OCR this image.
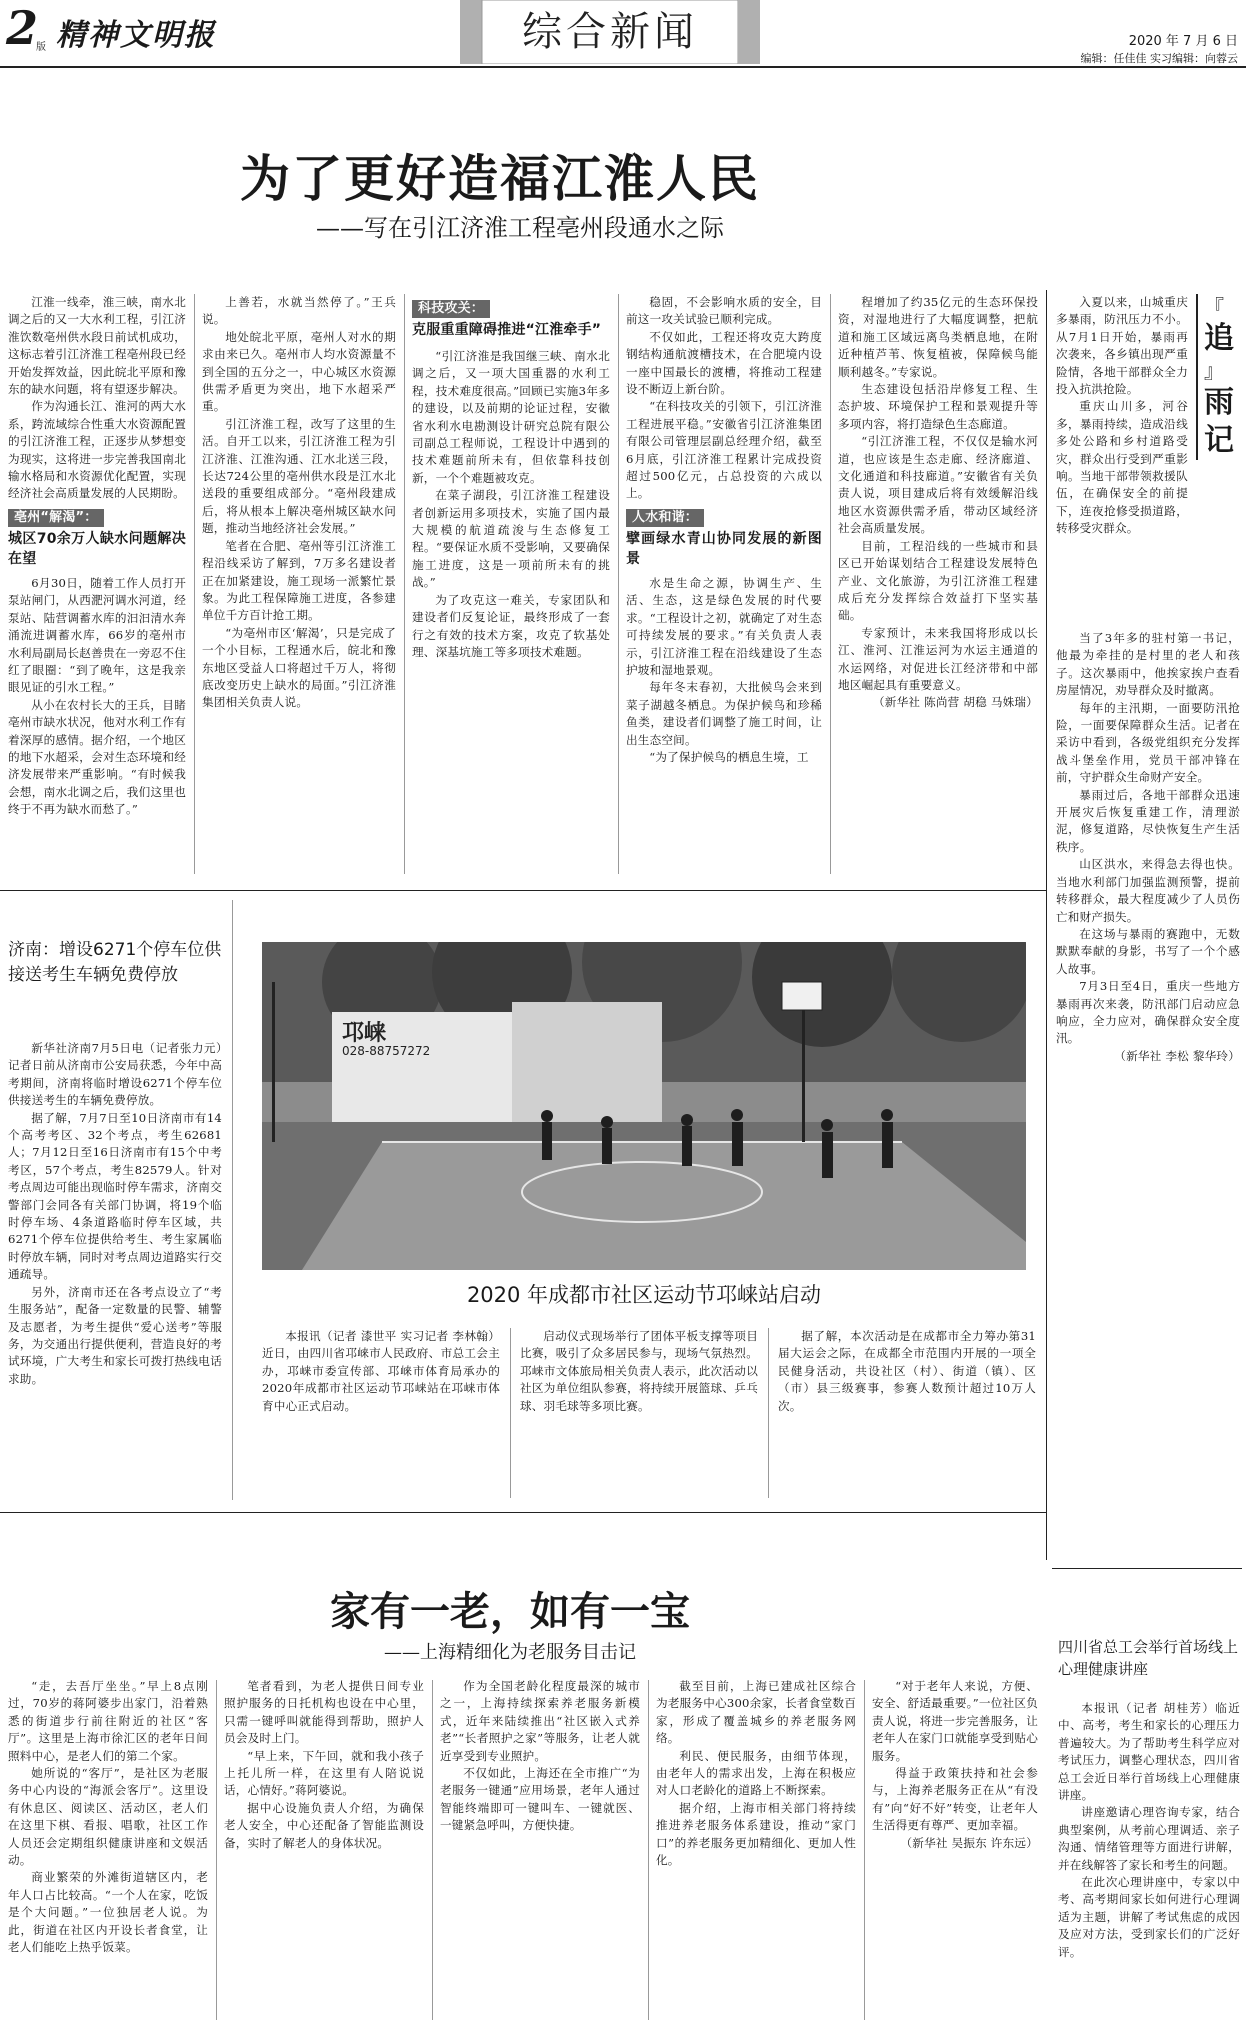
2
版 精神文明报	综合新闻	2020 年 7 月 6 日
编辑：任佳佳 实习编辑：向蓉云
为了更好造福江淮人民
——写在引江济淮工程亳州段通水之际

江淮一线牵，淮三峡，南水北调之后的又一大水利工程，引江济淮饮数亳州供水段日前试机成功，这标志着引江济淮工程亳州段已经开始发挥效益，因此皖北平原和豫东的缺水问题，将有望逐步解决。

作为沟通长江、淮河的两大水系，跨流域综合性重大水资源配置的引江济淮工程，正逐步从梦想变为现实，这将进一步完善我国南北输水格局和水资源优化配置，实现经济社会高质量发展的人民期盼。

亳州“解渴”：
城区70余万人缺水问题解决在望

6月30日，随着工作人员打开泵站闸门，从西淝河调水河道，经泵站、陆营调蓄水库的汩汩清水奔涌流进调蓄水库，66岁的亳州市水利局副局长赵善贵在一旁忍不住红了眼圈：“到了晚年，这是我亲眼见证的引水工程。”

从小在农村长大的王兵，目睹亳州市缺水状况，他对水利工作有着深厚的感情。据介绍，一个地区的地下水超采，会对生态环境和经济发展带来严重影响。“有时候我会想，南水北调之后，我们这里也终于不再为缺水而愁了。”

上善若，水就当然停了。”王兵说。

地处皖北平原，亳州人对水的期求由来已久。亳州市人均水资源量不到全国的五分之一，中心城区水资源供需矛盾更为突出，地下水超采严重。

引江济淮工程，改写了这里的生活。自开工以来，引江济淮工程为引江济淮、江淮沟通、江水北送三段，长达724公里的亳州供水段是江水北送段的重要组成部分。“亳州段建成后，将从根本上解决亳州城区缺水问题，推动当地经济社会发展。”

笔者在合肥、亳州等引江济淮工程沿线采访了解到，7万多名建设者正在加紧建设，施工现场一派繁忙景象。为此工程保障施工进度，各参建单位千方百计抢工期。

“为亳州市区‘解渴’，只是完成了一个小目标，工程通水后，皖北和豫东地区受益人口将超过千万人，将彻底改变历史上缺水的局面。”引江济淮集团相关负责人说。

科技攻关：
克服重重障碍推进“江淮牵手”

“引江济淮是我国继三峡、南水北调之后，又一项大国重器的水利工程，技术难度很高。”回顾已实施3年多的建设，以及前期的论证过程，安徽省水利水电勘测设计研究总院有限公司副总工程师说，工程设计中遇到的技术难题前所未有，但依靠科技创新，一个个难题被攻克。

在菜子湖段，引江济淮工程建设者创新运用多项技术，实施了国内最大规模的航道疏浚与生态修复工程。“要保证水质不受影响，又要确保施工进度，这是一项前所未有的挑战。”

为了攻克这一难关，专家团队和建设者们反复论证，最终形成了一套行之有效的技术方案，攻克了软基处理、深基坑施工等多项技术难题。

稳固，不会影响水质的安全，目前这一攻关试验已顺利完成。

不仅如此，工程还将攻克大跨度钢结构通航渡槽技术，在合肥境内设一座中国最长的渡槽，将推动工程建设不断迈上新台阶。

“在科技攻关的引领下，引江济淮工程进展平稳。”安徽省引江济淮集团有限公司管理层副总经理介绍，截至6月底，引江济淮工程累计完成投资超过500亿元，占总投资的六成以上。

人水和谐：
擘画绿水青山协同发展的新图景

水是生命之源，协调生产、生活、生态，这是绿色发展的时代要求。“工程设计之初，就确定了对生态可持续发展的要求。”有关负责人表示，引江济淮工程在沿线建设了生态护坡和湿地景观。

每年冬末春初，大批候鸟会来到菜子湖越冬栖息。为保护候鸟和珍稀鱼类，建设者们调整了施工时间，让出生态空间。

“为了保护候鸟的栖息生境，工

程增加了约35亿元的生态环保投资，对湿地进行了大幅度调整，把航道和施工区域远离鸟类栖息地，在附近种植芦苇、恢复植被，保障候鸟能顺利越冬。”专家说。

生态建设包括沿岸修复工程、生态护坡、环境保护工程和景观提升等多项内容，将打造绿色生态廊道。

“引江济淮工程，不仅仅是输水河道，也应该是生态走廊、经济廊道、文化通道和科技廊道。”安徽省有关负责人说，项目建成后将有效缓解沿线地区水资源供需矛盾，带动区域经济社会高质量发展。

目前，工程沿线的一些城市和县区已开始谋划结合工程建设发展特色产业、文化旅游，为引江济淮工程建成后充分发挥综合效益打下坚实基础。

专家预计，未来我国将形成以长江、淮河、江淮运河为水运主通道的水运网络，对促进长江经济带和中部地区崛起具有重要意义。

（新华社 陈尚营 胡稳 马姝瑞）
『
追
』
雨
记

入夏以来，山城重庆多暴雨，防汛压力不小。从7月1日开始，暴雨再次袭来，各乡镇出现严重险情，各地干部群众全力投入抗洪抢险。

重庆山川多，河谷多，暴雨持续，造成沿线多处公路和乡村道路受灾，群众出行受到严重影响。当地干部带领救援队伍，在确保安全的前提下，连夜抢修受损道路，转移受灾群众。

当了3年多的驻村第一书记，他最为牵挂的是村里的老人和孩子。这次暴雨中，他挨家挨户查看房屋情况，劝导群众及时撤离。

每年的主汛期，一面要防汛抢险，一面要保障群众生活。记者在采访中看到，各级党组织充分发挥战斗堡垒作用，党员干部冲锋在前，守护群众生命财产安全。

暴雨过后，各地干部群众迅速开展灾后恢复重建工作，清理淤泥，修复道路，尽快恢复生产生活秩序。

山区洪水，来得急去得也快。当地水利部门加强监测预警，提前转移群众，最大程度减少了人员伤亡和财产损失。

在这场与暴雨的赛跑中，无数默默奉献的身影，书写了一个个感人故事。

7月3日至4日，重庆一些地方暴雨再次来袭，防汛部门启动应急响应，全力应对，确保群众安全度汛。

（新华社 李松 黎华玲）
济南：增设6271个停车位供接送考生车辆免费停放

新华社济南7月5日电（记者张力元）记者日前从济南市公安局获悉，今年中高考期间，济南将临时增设6271个停车位供接送考生的车辆免费停放。

据了解，7月7日至10日济南市有14个高考考区、32个考点，考生62681人；7月12日至16日济南市有15个中考考区，57个考点，考生82579人。针对考点周边可能出现临时停车需求，济南交警部门会同各有关部门协调，将19个临时停车场、4条道路临时停车区域，共6271个停车位提供给考生、考生家属临时停放车辆，同时对考点周边道路实行交通疏导。

另外，济南市还在各考点设立了“考生服务站”，配备一定数量的民警、辅警及志愿者，为考生提供“爱心送考”等服务，为交通出行提供便利，营造良好的考试环境，广大考生和家长可拨打热线电话求助。

邛崃
028-88757272
2020 年成都市社区运动节邛崃站启动

本报讯（记者 漆世平 实习记者 李林翰）近日，由四川省邛崃市人民政府、市总工会主办，邛崃市委宣传部、邛崃市体育局承办的2020年成都市社区运动节邛崃站在邛崃市体育中心正式启动。

启动仪式现场举行了团体平板支撑等项目比赛，吸引了众多居民参与，现场气氛热烈。邛崃市文体旅局相关负责人表示，此次活动以社区为单位组队参赛，将持续开展篮球、乒乓球、羽毛球等多项比赛。

据了解，本次活动是在成都市全力筹办第31届大运会之际，在成都全市范围内开展的一项全民健身活动，共设社区（村）、街道（镇）、区（市）县三级赛事，参赛人数预计超过10万人次。

家有一老，如有一宝
——上海精细化为老服务目击记

“走，去吾厅坐坐。”早上8点刚过，70岁的蒋阿婆步出家门，沿着熟悉的街道步行前往附近的社区“客厅”。这里是上海市徐汇区的老年日间照料中心，是老人们的第二个家。

她所说的“客厅”，是社区为老服务中心内设的“海派会客厅”。这里设有休息区、阅读区、活动区，老人们在这里下棋、看报、唱歌，社区工作人员还会定期组织健康讲座和文娱活动。

商业繁荣的外滩街道辖区内，老年人口占比较高。“一个人在家，吃饭是个大问题。”一位独居老人说。为此，街道在社区内开设长者食堂，让老人们能吃上热乎饭菜。

笔者看到，为老人提供日间专业照护服务的日托机构也设在中心里，只需一键呼叫就能得到帮助，照护人员会及时上门。

“早上来，下午回，就和我小孩子上托儿所一样，在这里有人陪说说话，心情好。”蒋阿婆说。

据中心设施负责人介绍，为确保老人安全，中心还配备了智能监测设备，实时了解老人的身体状况。

作为全国老龄化程度最深的城市之一，上海持续探索养老服务新模式，近年来陆续推出“社区嵌入式养老”“长者照护之家”等服务，让老人就近享受到专业照护。

不仅如此，上海还在全市推广“为老服务一键通”应用场景，老年人通过智能终端即可一键叫车、一键就医、一键紧急呼叫，方便快捷。

截至目前，上海已建成社区综合为老服务中心300余家，长者食堂数百家，形成了覆盖城乡的养老服务网络。

利民、便民服务，由细节体现，由老年人的需求出发，上海在积极应对人口老龄化的道路上不断探索。

据介绍，上海市相关部门将持续推进养老服务体系建设，推动“家门口”的养老服务更加精细化、更加人性化。

“对于老年人来说，方便、安全、舒适最重要。”一位社区负责人说，将进一步完善服务，让老年人在家门口就能享受到贴心服务。

得益于政策扶持和社会参与，上海养老服务正在从“有没有”向“好不好”转变，让老年人生活得更有尊严、更加幸福。

（新华社 吴振东 许东远）
四川省总工会举行首场线上心理健康讲座

本报讯（记者 胡桂芳）临近中、高考，考生和家长的心理压力普遍较大。为了帮助考生科学应对考试压力，调整心理状态，四川省总工会近日举行首场线上心理健康讲座。

讲座邀请心理咨询专家，结合典型案例，从考前心理调适、亲子沟通、情绪管理等方面进行讲解，并在线解答了家长和考生的问题。

在此次心理讲座中，专家以中考、高考期间家长如何进行心理调适为主题，讲解了考试焦虑的成因及应对方法，受到家长们的广泛好评。
